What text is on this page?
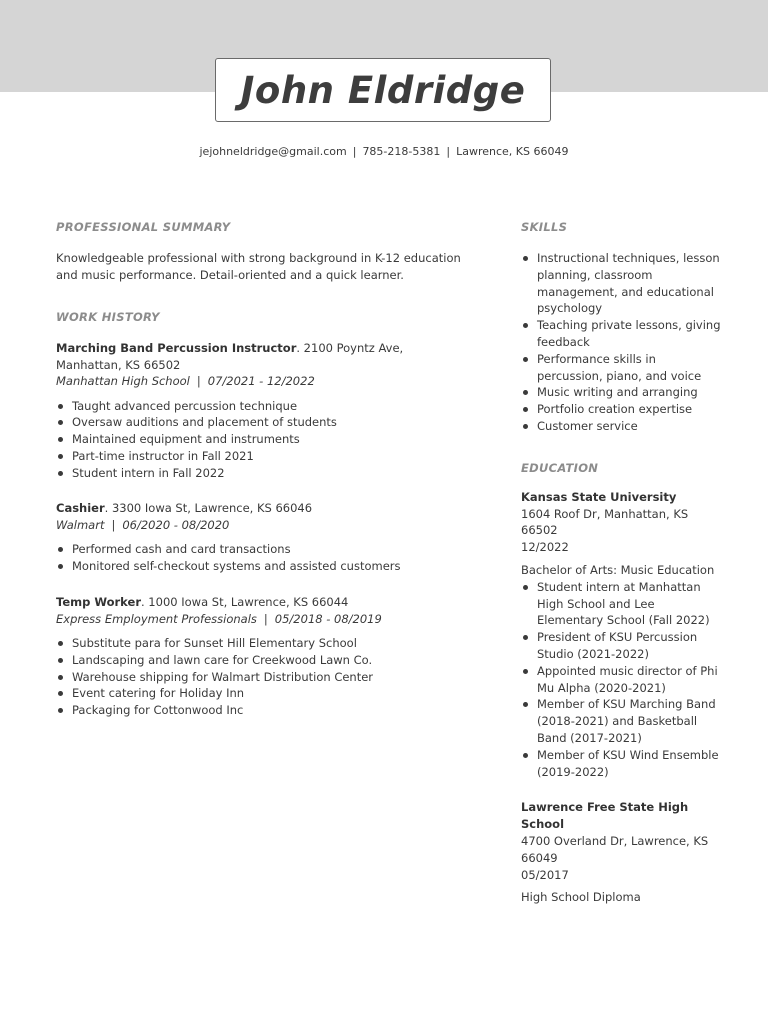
John Eldridge
jejohneldridge@gmail.com | 785-218-5381 | Lawrence, KS 66049
PROFESSIONAL SUMMARY

Knowledgeable professional with strong background in K-12 education and music performance. Detail-oriented and a quick learner.

WORK HISTORY

Marching Band Percussion Instructor. 2100 Poyntz Ave, Manhattan, KS 66502

Manhattan High School | 07/2021 - 12/2022

Taught advanced percussion technique
Oversaw auditions and placement of students
Maintained equipment and instruments
Part-time instructor in Fall 2021
Student intern in Fall 2022

Cashier. 3300 Iowa St, Lawrence, KS 66046

Walmart | 06/2020 - 08/2020

Performed cash and card transactions
Monitored self-checkout systems and assisted customers

Temp Worker. 1000 Iowa St, Lawrence, KS 66044

Express Employment Professionals | 05/2018 - 08/2019

Substitute para for Sunset Hill Elementary School
Landscaping and lawn care for Creekwood Lawn Co.
Warehouse shipping for Walmart Distribution Center
Event catering for Holiday Inn
Packaging for Cottonwood Inc
SKILLS
Instructional techniques, lesson planning, classroom management, and educational psychology
Teaching private lessons, giving feedback
Performance skills in percussion, piano, and voice
Music writing and arranging
Portfolio creation expertise
Customer service
EDUCATION

Kansas State University

1604 Roof Dr, Manhattan, KS 66502

12/2022

Bachelor of Arts: Music Education

Student intern at Manhattan High School and Lee Elementary School (Fall 2022)
President of KSU Percussion Studio (2021-2022)
Appointed music director of Phi Mu Alpha (2020-2021)
Member of KSU Marching Band (2018-2021) and Basketball Band (2017-2021)
Member of KSU Wind Ensemble (2019-2022)

Lawrence Free State High School

4700 Overland Dr, Lawrence, KS 66049

05/2017

High School Diploma
